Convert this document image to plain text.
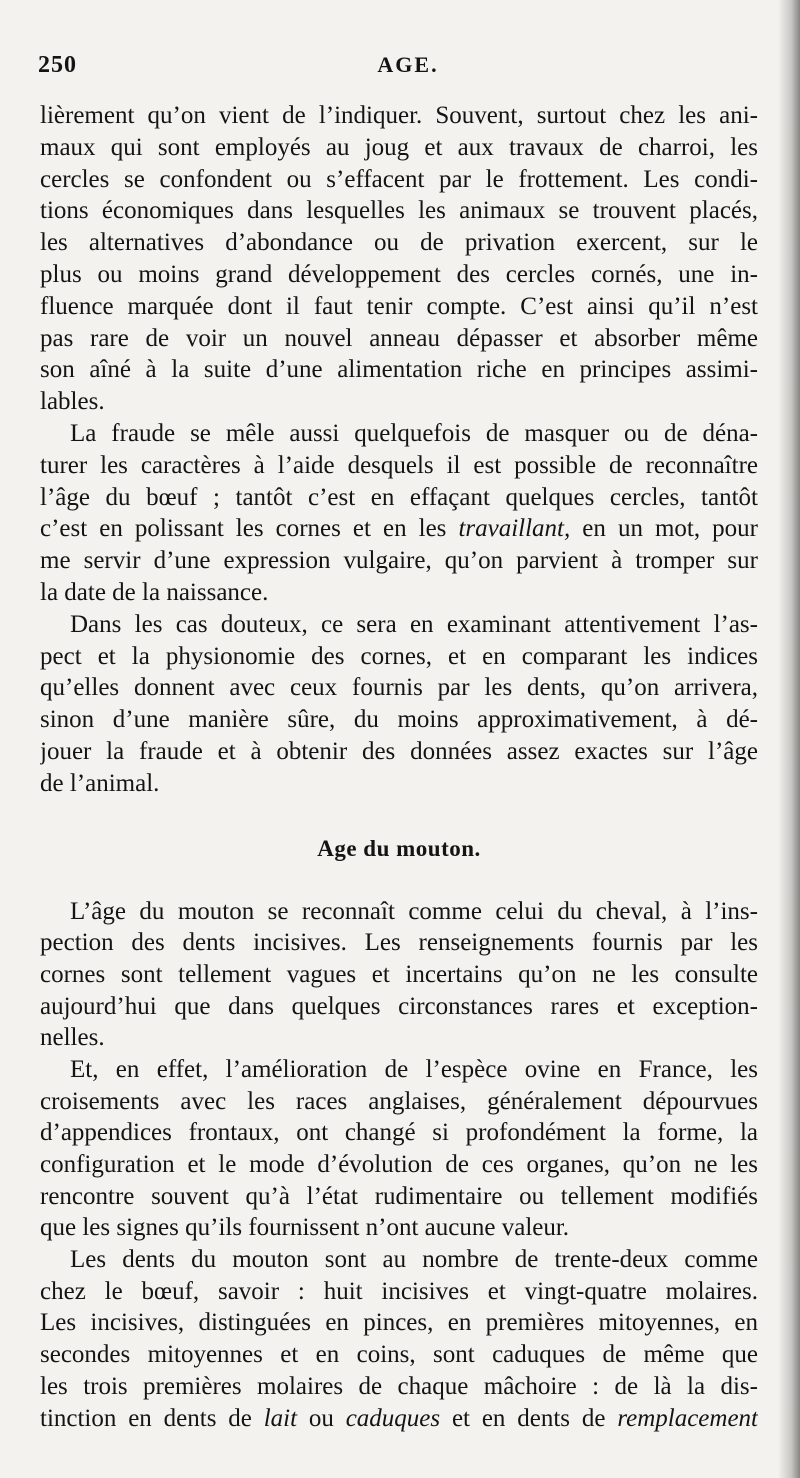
250	AGE.
lièrement qu’on vient de l’indiquer. Souvent, surtout chez les ani-
maux qui sont employés au joug et aux travaux de charroi, les
cercles se confondent ou s’effacent par le frottement. Les condi-
tions économiques dans lesquelles les animaux se trouvent placés,
les alternatives d’abondance ou de privation exercent, sur le
plus ou moins grand développement des cercles cornés, une in-
fluence marquée dont il faut tenir compte. C’est ainsi qu’il n’est
pas rare de voir un nouvel anneau dépasser et absorber même
son aîné à la suite d’une alimentation riche en principes assimi-
lables.
La fraude se mêle aussi quelquefois de masquer ou de déna-
turer les caractères à l’aide desquels il est possible de reconnaître
l’âge du bœuf ; tantôt c’est en effaçant quelques cercles, tantôt
c’est en polissant les cornes et en les travaillant, en un mot, pour
me servir d’une expression vulgaire, qu’on parvient à tromper sur
la date de la naissance.
Dans les cas douteux, ce sera en examinant attentivement l’as-
pect et la physionomie des cornes, et en comparant les indices
qu’elles donnent avec ceux fournis par les dents, qu’on arrivera,
sinon d’une manière sûre, du moins approximativement, à dé-
jouer la fraude et à obtenir des données assez exactes sur l’âge
de l’animal.
Age du mouton.
L’âge du mouton se reconnaît comme celui du cheval, à l’ins-
pection des dents incisives. Les renseignements fournis par les
cornes sont tellement vagues et incertains qu’on ne les consulte
aujourd’hui que dans quelques circonstances rares et exception-
nelles.
Et, en effet, l’amélioration de l’espèce ovine en France, les
croisements avec les races anglaises, généralement dépourvues
d’appendices frontaux, ont changé si profondément la forme, la
configuration et le mode d’évolution de ces organes, qu’on ne les
rencontre souvent qu’à l’état rudimentaire ou tellement modifiés
que les signes qu’ils fournissent n’ont aucune valeur.
Les dents du mouton sont au nombre de trente-deux comme
chez le bœuf, savoir : huit incisives et vingt-quatre molaires.
Les incisives, distinguées en pinces, en premières mitoyennes, en
secondes mitoyennes et en coins, sont caduques de même que
les trois premières molaires de chaque mâchoire : de là la dis-
tinction en dents de lait ou caduques et en dents de remplacement
